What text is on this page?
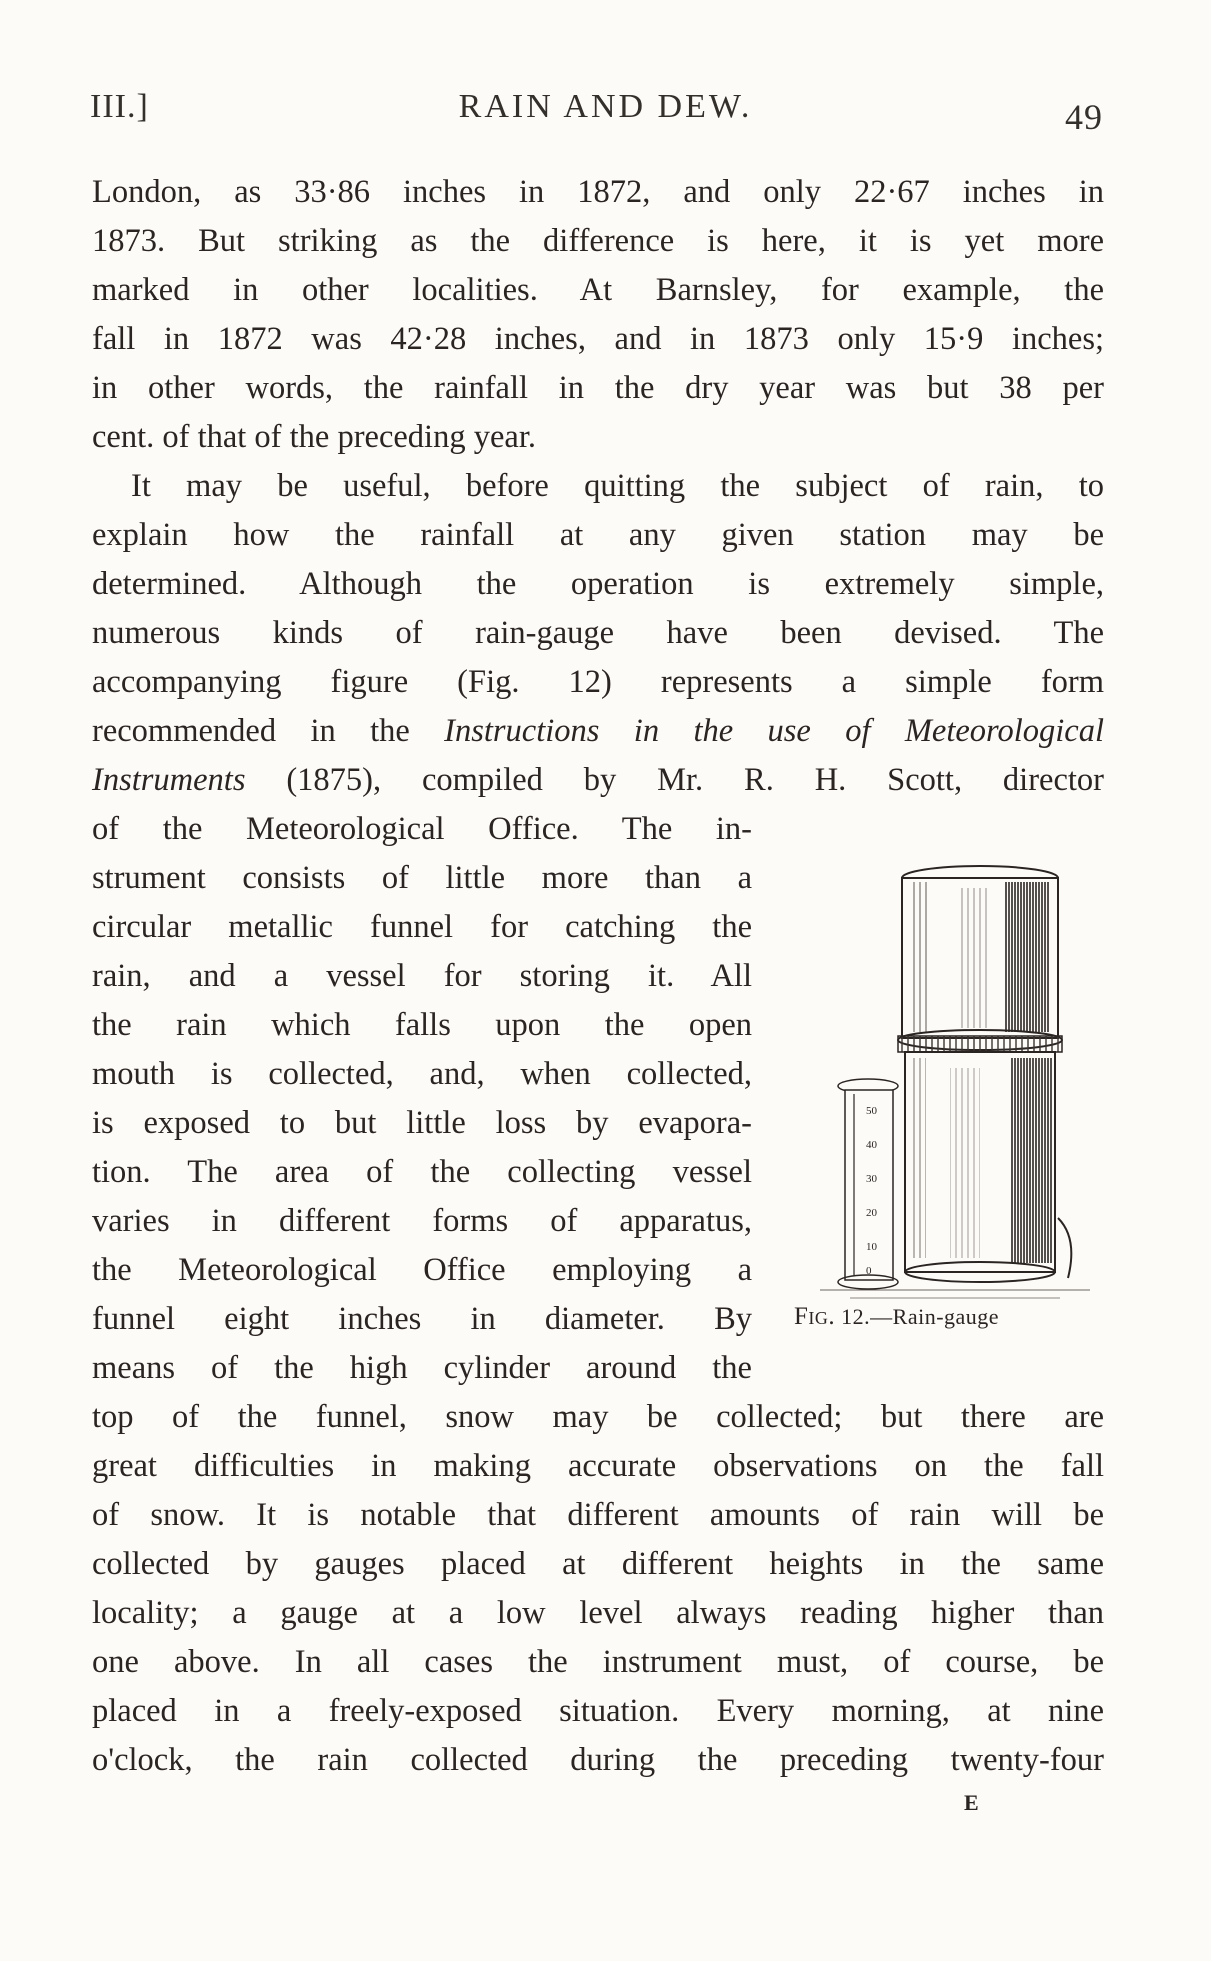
III.]	RAIN AND DEW.	49
London, as 33·86 inches in 1872, and only 22·67 inches in
1873. But striking as the difference is here, it is yet more
marked in other localities. At Barnsley, for example, the
fall in 1872 was 42·28 inches, and in 1873 only 15·9 inches;
in other words, the rainfall in the dry year was but 38 per
cent. of that of the preceding year.
It may be useful, before quitting the subject of rain, to
explain how the rainfall at any given station may be
determined. Although the operation is extremely simple,
numerous kinds of rain-gauge have been devised. The
accompanying figure (Fig. 12) represents a simple form
recommended in the Instructions in the use of Meteorological
Instruments (1875), compiled by Mr. R. H. Scott, director
of the Meteorological Office. The in-
strument consists of little more than a
circular metallic funnel for catching the
rain, and a vessel for storing it. All
the rain which falls upon the open
mouth is collected, and, when collected,
is exposed to but little loss by evapora-
tion. The area of the collecting vessel
varies in different forms of apparatus,
the Meteorological Office employing a
funnel eight inches in diameter. By
means of the high cylinder around the
top of the funnel, snow may be collected; but there are
great difficulties in making accurate observations on the fall
of snow. It is notable that different amounts of rain will be
collected by gauges placed at different heights in the same
locality; a gauge at a low level always reading higher than
one above. In all cases the instrument must, of course, be
placed in a freely-exposed situation. Every morning, at nine
o'clock, the rain collected during the preceding twenty-four
50
40
30
20
10
0
Fig. 12.—Rain-gauge
E
